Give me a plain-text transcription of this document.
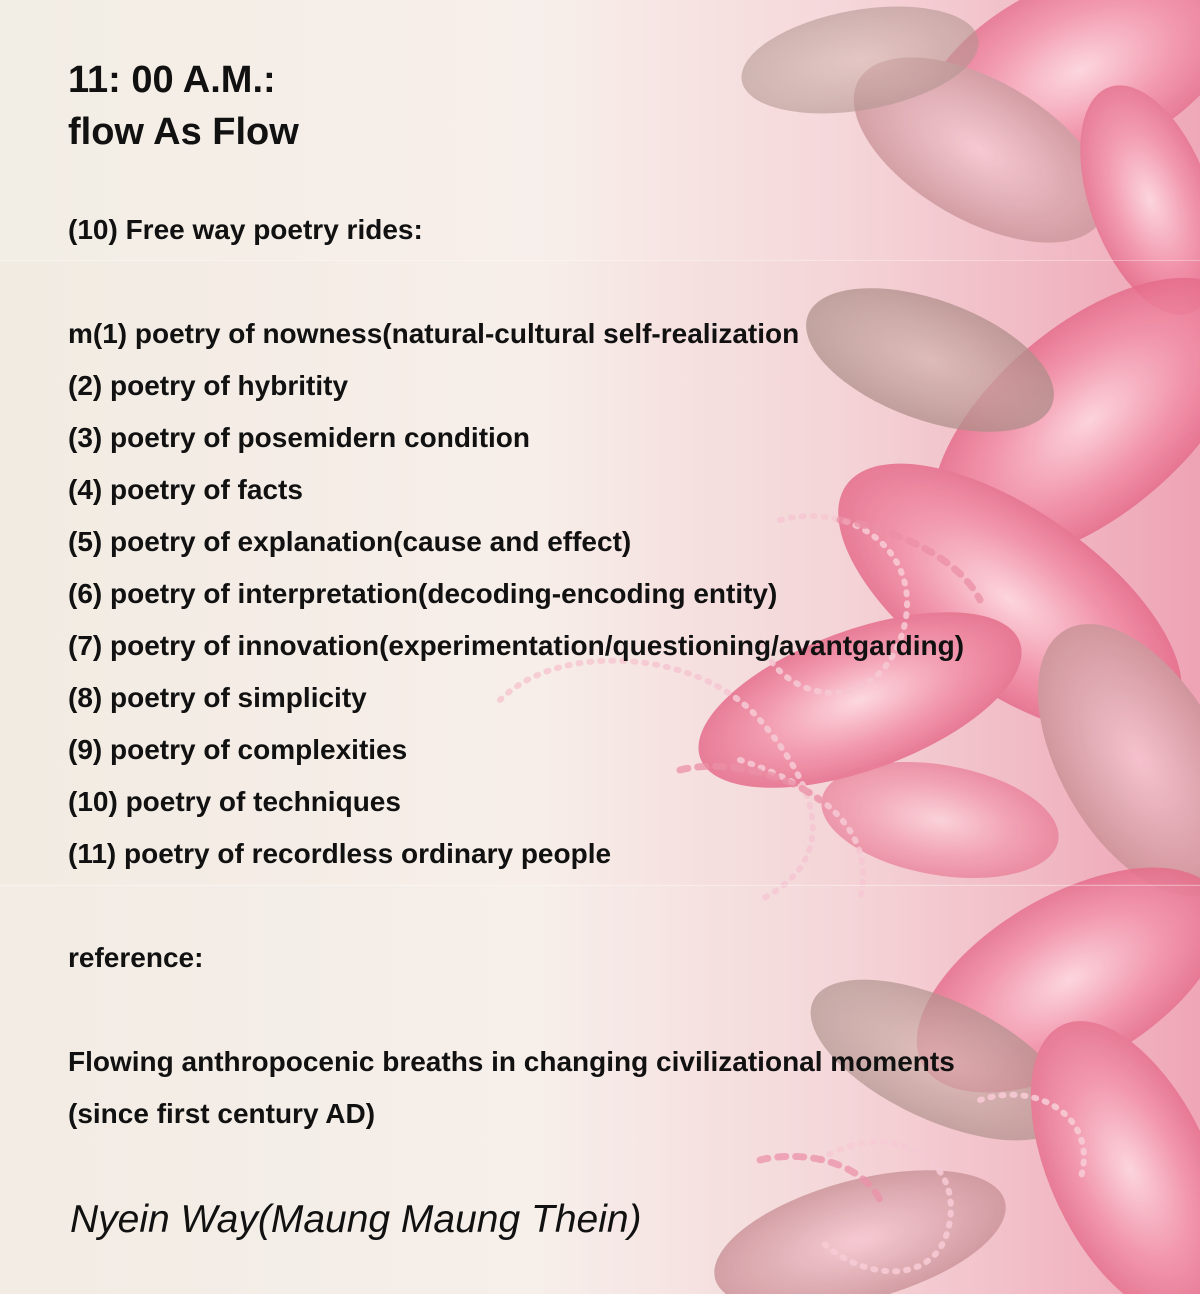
11: 00 A.M.:
flow As Flow

(10) Free way poetry rides:

m(1) poetry of nowness(natural-cultural self-realization
(2) poetry of hybritity
(3) poetry of posemidern condition
(4) poetry of facts
(5) poetry of explanation(cause and effect)
(6) poetry of interpretation(decoding-encoding entity)
(7) poetry of innovation(experimentation/questioning/avantgarding)
(8) poetry of simplicity
(9) poetry of complexities
(10) poetry of techniques
(11) poetry of recordless ordinary people

reference:

Flowing anthropocenic breaths in changing civilizational moments
(since first century AD)
Nyein Way(Maung Maung Thein)
